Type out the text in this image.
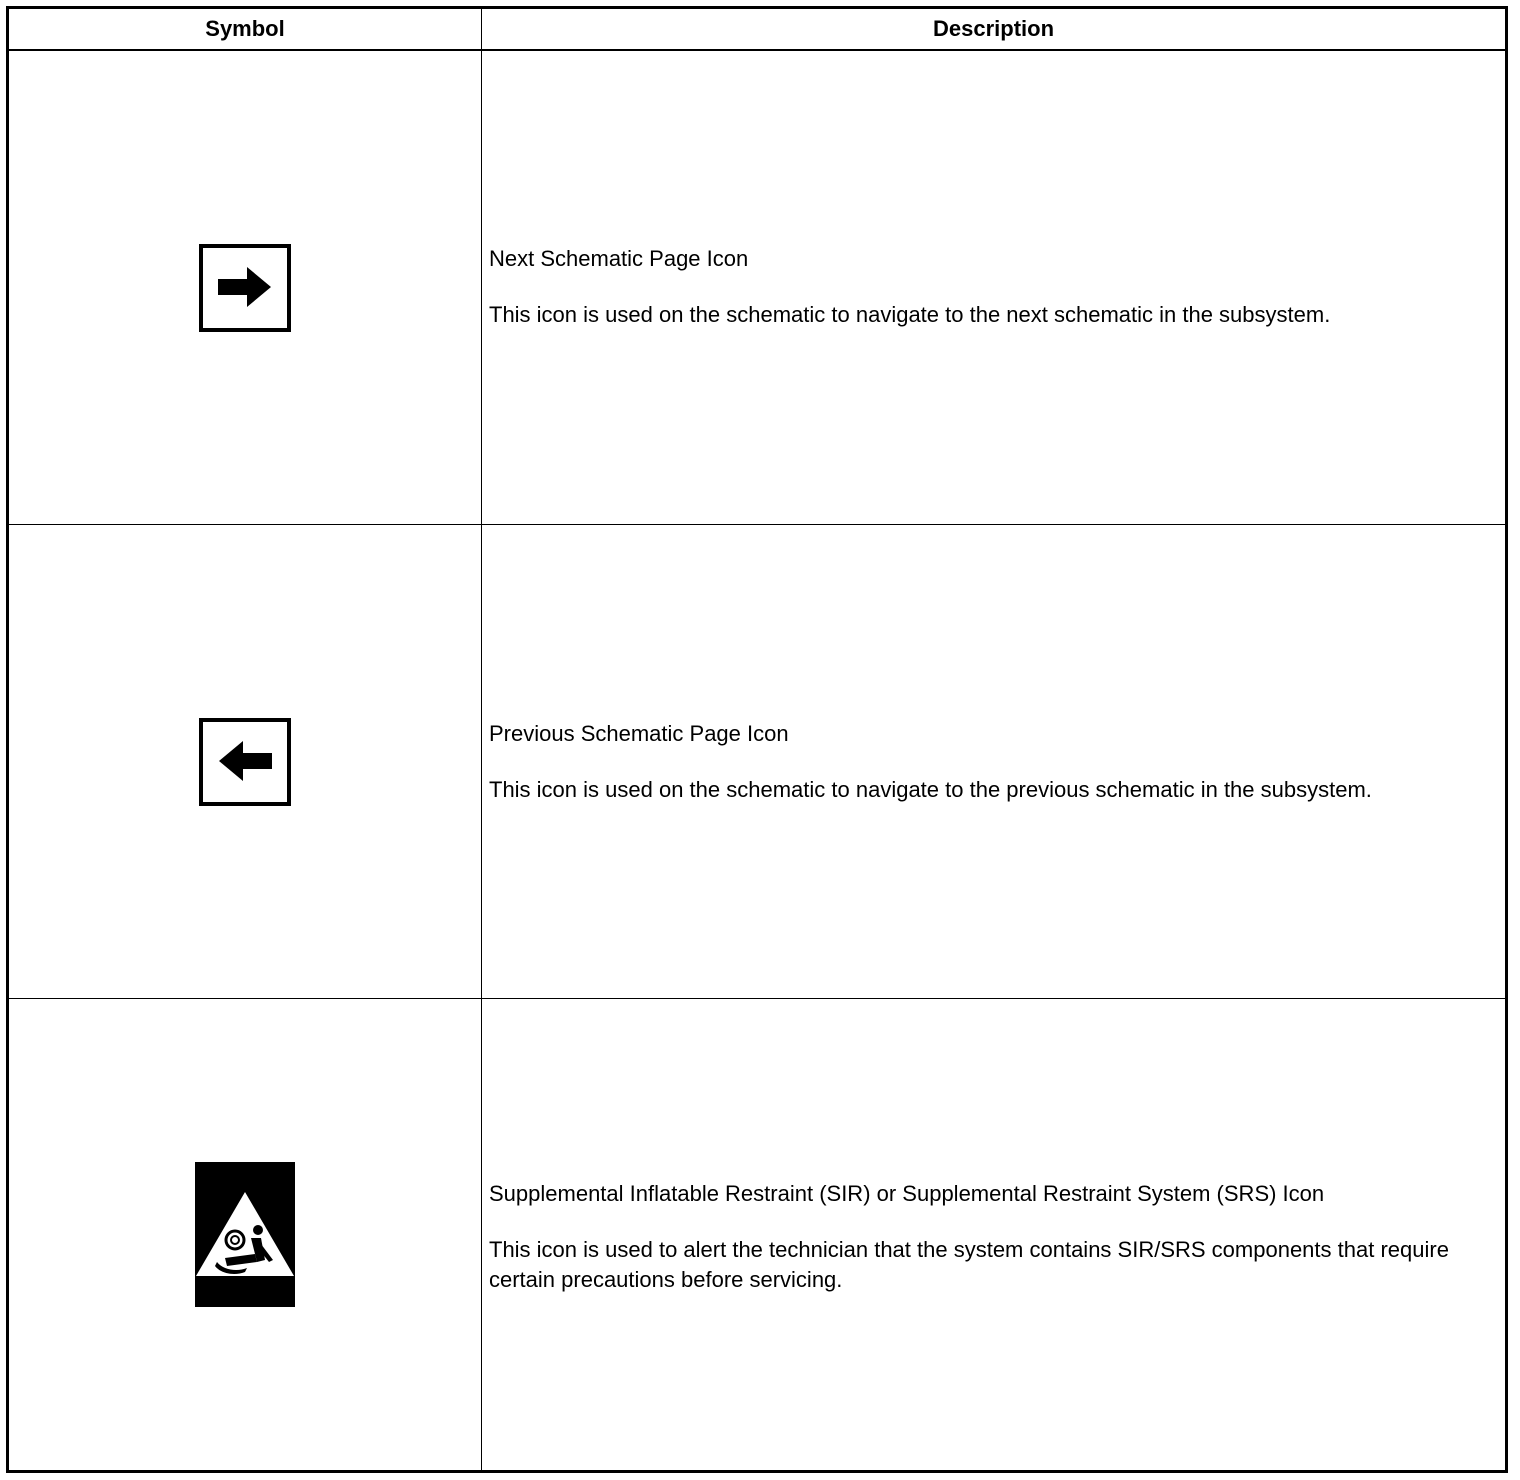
Symbol	Description

Next Schematic Page Icon

This icon is used on the schematic to navigate to the next schematic in the subsystem.

Previous Schematic Page Icon

This icon is used on the schematic to navigate to the previous schematic in the subsystem.

Supplemental Inflatable Restraint (SIR) or Supplemental Restraint System (SRS) Icon

This icon is used to alert the technician that the system contains SIR/SRS components that require certain precautions before servicing.
